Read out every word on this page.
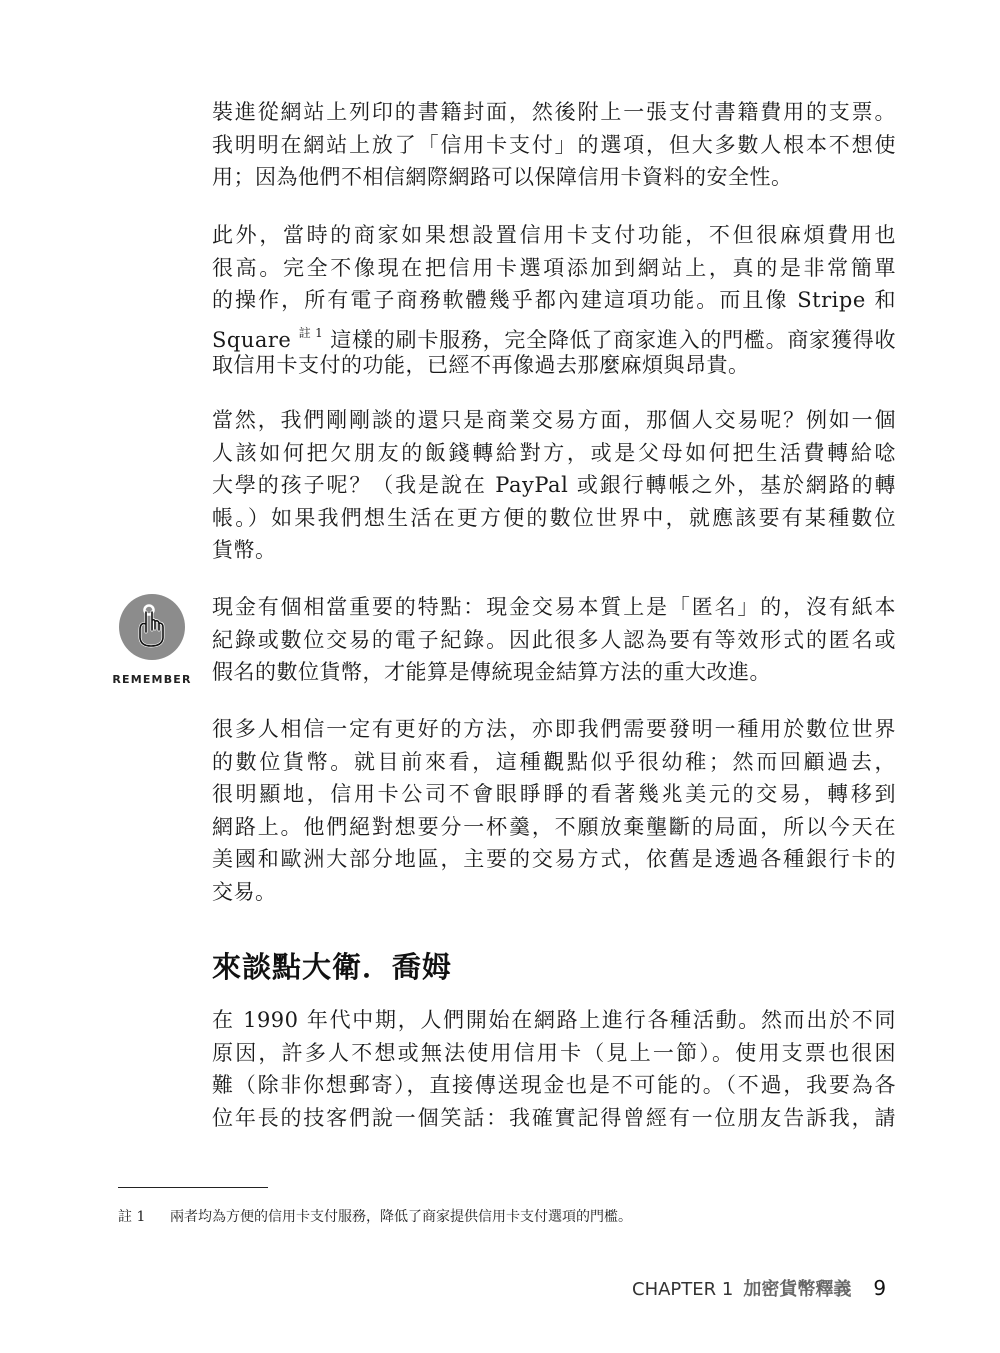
裝進從網站上列印的書籍封面，然後附上一張支付書籍費用的支票。
我明明在網站上放了「信用卡支付」的選項，但大多數人根本不想使
用；因為他們不相信網際網路可以保障信用卡資料的安全性。

此外，當時的商家如果想設置信用卡支付功能，不但很麻煩費用也
很高。完全不像現在把信用卡選項添加到網站上，真的是非常簡單
的操作，所有電子商務軟體幾乎都內建這項功能。而且像 Stripe 和
Square $^{註 1}$ 這樣的刷卡服務，完全降低了商家進入的門檻。商家獲得收
取信用卡支付的功能，已經不再像過去那麼麻煩與昂貴。

當然，我們剛剛談的還只是商業交易方面，那個人交易呢？例如一個
人該如何把欠朋友的飯錢轉給對方，或是父母如何把生活費轉給唸
大學的孩子呢？（我是說在 PayPal 或銀行轉帳之外，基於網路的轉
帳。）如果我們想生活在更方便的數位世界中，就應該要有某種數位
貨幣。

REMEMBER

現金有個相當重要的特點：現金交易本質上是「匿名」的，沒有紙本
紀錄或數位交易的電子紀錄。因此很多人認為要有等效形式的匿名或
假名的數位貨幣，才能算是傳統現金結算方法的重大改進。

很多人相信一定有更好的方法，亦即我們需要發明一種用於數位世界
的數位貨幣。就目前來看，這種觀點似乎很幼稚；然而回顧過去，
很明顯地，信用卡公司不會眼睜睜的看著幾兆美元的交易，轉移到
網路上。他們絕對想要分一杯羹，不願放棄壟斷的局面，所以今天在
美國和歐洲大部分地區，主要的交易方式，依舊是透過各種銀行卡的
交易。

來談點大衛．喬姆

在 1990 年代中期，人們開始在網路上進行各種活動。然而出於不同
原因，許多人不想或無法使用信用卡（見上一節）。使用支票也很困
難（除非你想郵寄），直接傳送現金也是不可能的。（不過，我要為各
位年長的技客們說一個笑話：我確實記得曾經有一位朋友告訴我，請

註 1 兩者均為方便的信用卡支付服務，降低了商家提供信用卡支付選項的門檻。
CHAPTER 1 加密貨幣釋義 9
